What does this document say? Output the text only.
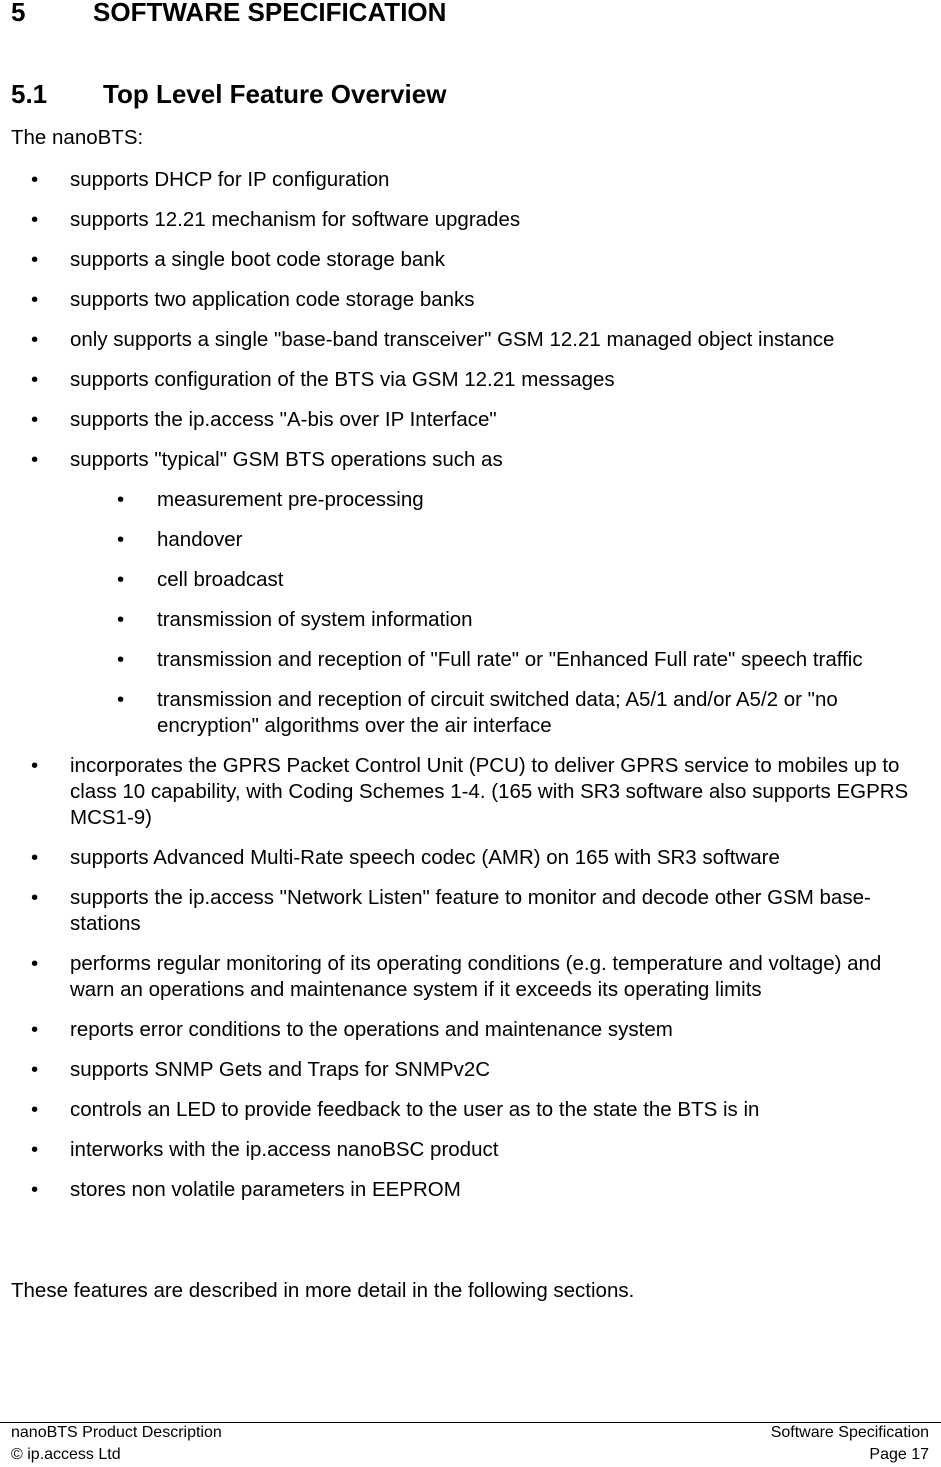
5	SOFTWARE SPECIFICATION
5.1	Top Level Feature Overview
The nanoBTS:
• supports DHCP for IP configuration
• supports 12.21 mechanism for software upgrades
• supports a single boot code storage bank
• supports two application code storage banks
• only supports a single "base-band transceiver" GSM 12.21 managed object instance
• supports configuration of the BTS via GSM 12.21 messages
• supports the ip.access "A-bis over IP Interface"
• supports "typical" GSM BTS operations such as
• measurement pre-processing
• handover
• cell broadcast
• transmission of system information
• transmission and reception of "Full rate" or "Enhanced Full rate" speech traffic
• transmission and reception of circuit switched data; A5/1 and/or A5/2 or "no encryption" algorithms over the air interface
• incorporates the GPRS Packet Control Unit (PCU) to deliver GPRS service to mobiles up to class 10 capability, with Coding Schemes 1-4. (165 with SR3 software also supports EGPRS MCS1-9)
• supports Advanced Multi-Rate speech codec (AMR) on 165 with SR3 software
• supports the ip.access "Network Listen" feature to monitor and decode other GSM base-stations
• performs regular monitoring of its operating conditions (e.g. temperature and voltage) and warn an operations and maintenance system if it exceeds its operating limits
• reports error conditions to the operations and maintenance system
• supports SNMP Gets and Traps for SNMPv2C
• controls an LED to provide feedback to the user as to the state the BTS is in
• interworks with the ip.access nanoBSC product
• stores non volatile parameters in EEPROM
These features are described in more detail in the following sections.
nanoBTS Product Description
© ip.access Ltd
Software Specification
Page 17
